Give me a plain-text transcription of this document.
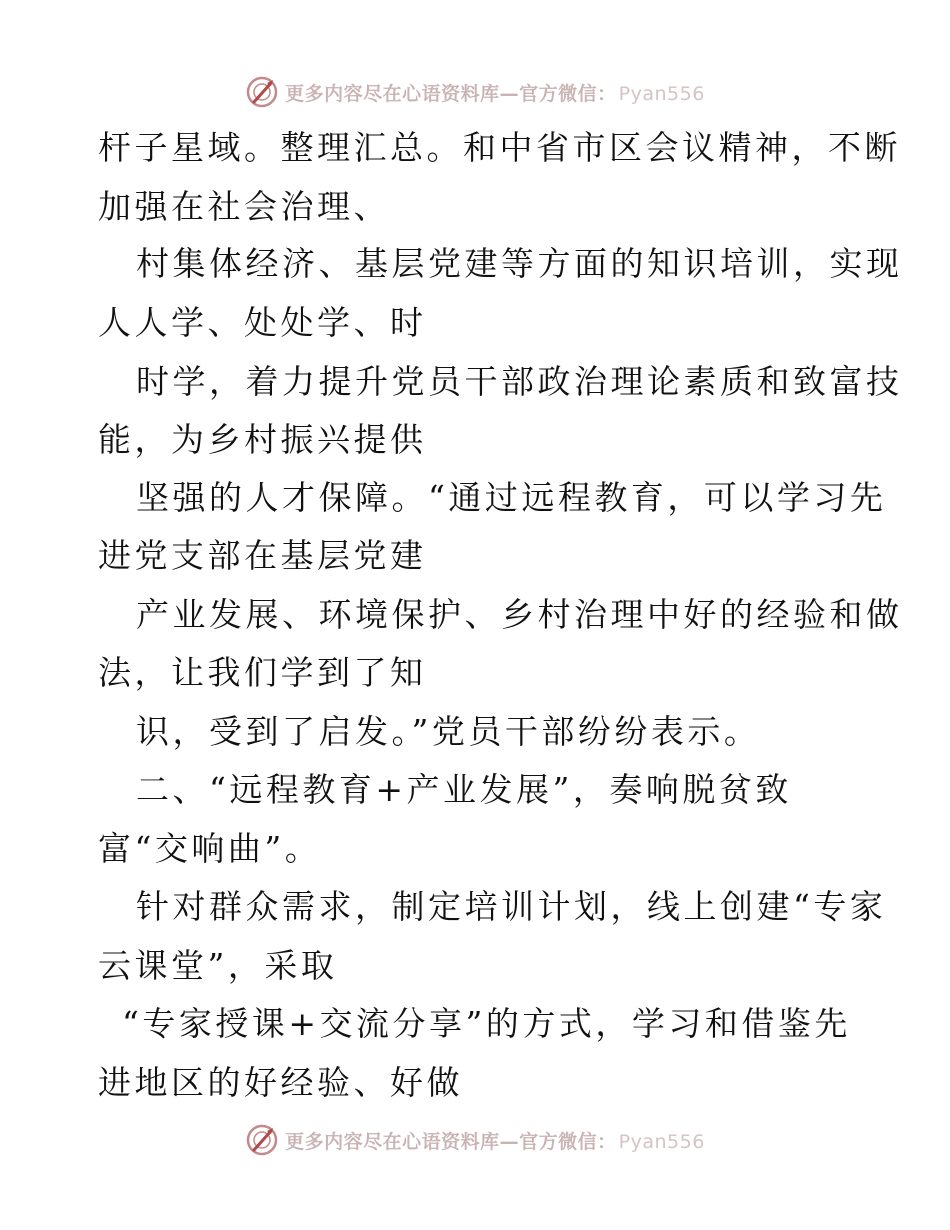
更多内容尽在心语资料库—官方微信： Pyan556
杆子星域。整理汇总。和中省市区会议精神，不断
加强在社会治理、
村集体经济、基层党建等方面的知识培训，实现
人人学、处处学、时
时学，着力提升党员干部政治理论素质和致富技
能，为乡村振兴提供
坚强的人才保障。“通过远程教育，可以学习先
进党支部在基层党建
产业发展、环境保护、乡村治理中好的经验和做
法，让我们学到了知
识，受到了启发。”党员干部纷纷表示。
二、“远程教育+产业发展”，奏响脱贫致
富“交响曲”。
针对群众需求，制定培训计划，线上创建“专家
云课堂”，采取
“专家授课+交流分享”的方式，学习和借鉴先
进地区的好经验、好做
更多内容尽在心语资料库—官方微信： Pyan556
